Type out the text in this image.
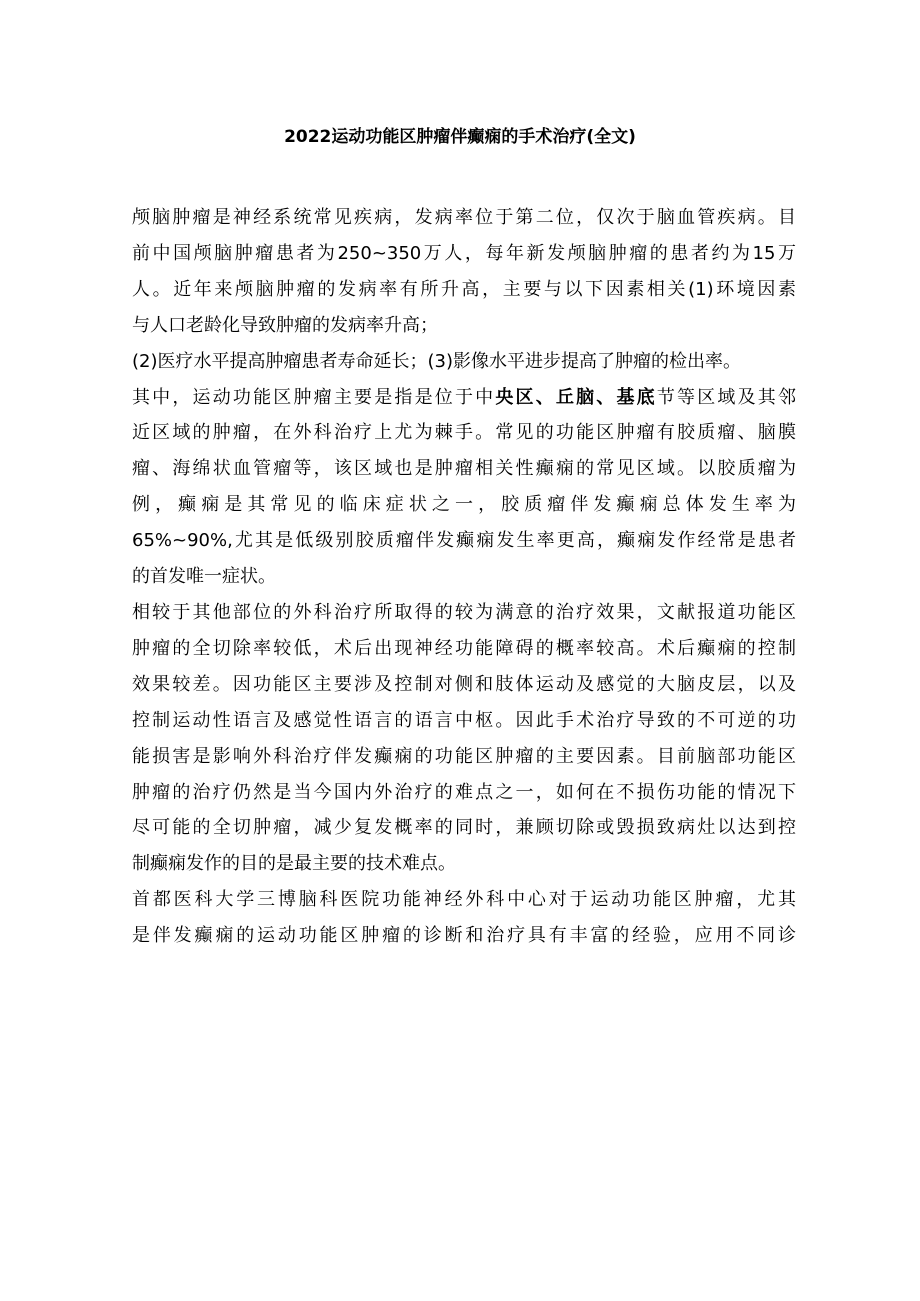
2022运动功能区肿瘤伴癫痫的手术治疗(全文)
颅脑肿瘤是神经系统常见疾病，发病率位于第二位，仅次于脑血管疾病。目
前中国颅脑肿瘤患者为250~350万人，每年新发颅脑肿瘤的患者约为15万
人。近年来颅脑肿瘤的发病率有所升高，主要与以下因素相关(1)环境因素
与人口老龄化导致肿瘤的发病率升高；
(2)医疗水平提高肿瘤患者寿命延长；(3)影像水平进步提高了肿瘤的检出率。
其中，运动功能区肿瘤主要是指是位于中央区、丘脑、基底节等区域及其邻
近区域的肿瘤，在外科治疗上尤为棘手。常见的功能区肿瘤有胶质瘤、脑膜
瘤、海绵状血管瘤等，该区域也是肿瘤相关性癫痫的常见区域。以胶质瘤为
例，癫痫是其常见的临床症状之一，胶质瘤伴发癫痫总体发生率为
65%~90%,尤其是低级别胶质瘤伴发癫痫发生率更高，癫痫发作经常是患者
的首发唯一症状。
相较于其他部位的外科治疗所取得的较为满意的治疗效果，文献报道功能区
肿瘤的全切除率较低，术后出现神经功能障碍的概率较高。术后癫痫的控制
效果较差。因功能区主要涉及控制对侧和肢体运动及感觉的大脑皮层，以及
控制运动性语言及感觉性语言的语言中枢。因此手术治疗导致的不可逆的功
能损害是影响外科治疗伴发癫痫的功能区肿瘤的主要因素。目前脑部功能区
肿瘤的治疗仍然是当今国内外治疗的难点之一，如何在不损伤功能的情况下
尽可能的全切肿瘤，减少复发概率的同时，兼顾切除或毁损致病灶以达到控
制癫痫发作的目的是最主要的技术难点。
首都医科大学三博脑科医院功能神经外科中心对于运动功能区肿瘤，尤其
是伴发癫痫的运动功能区肿瘤的诊断和治疗具有丰富的经验，应用不同诊
